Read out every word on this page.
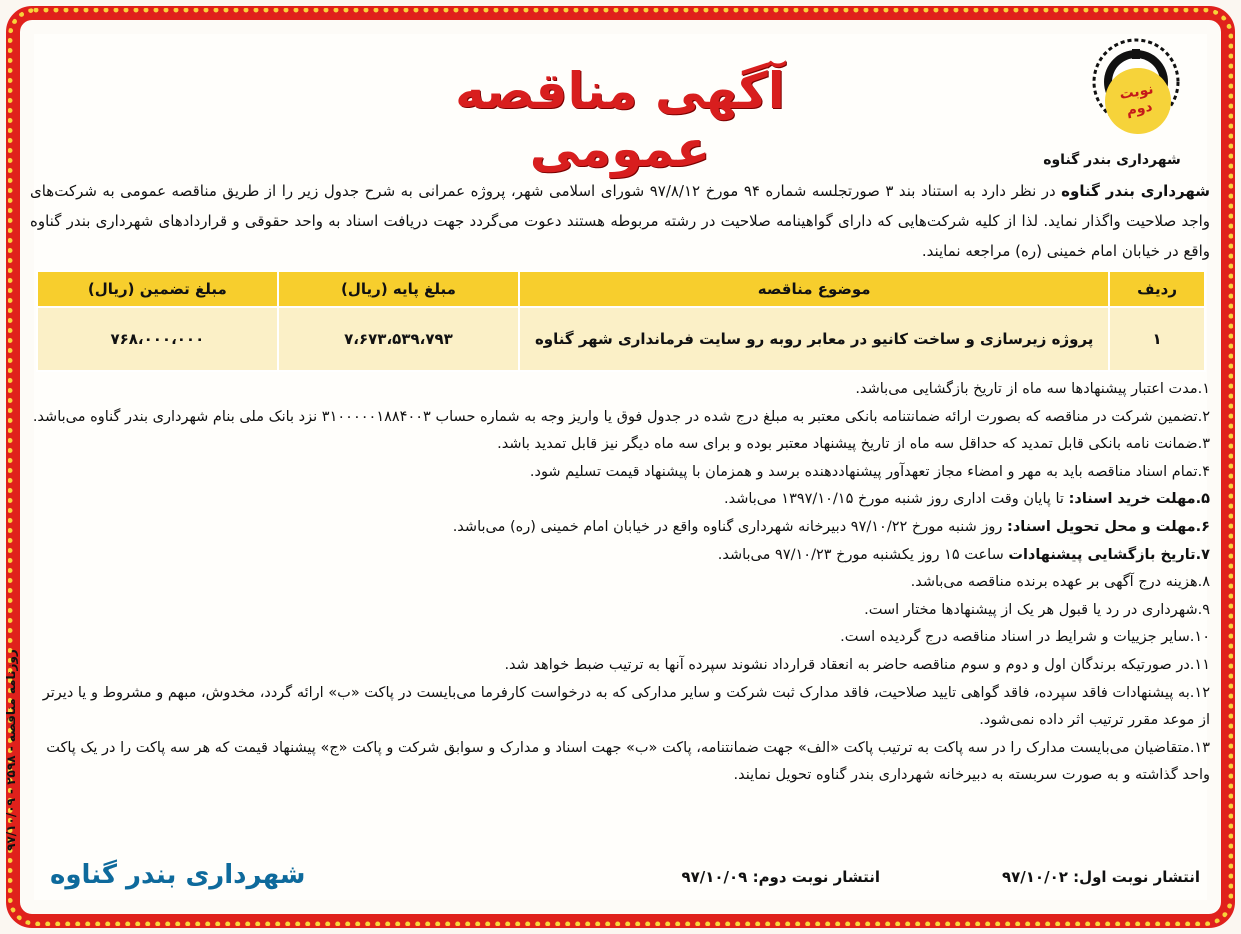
شهرداری بندر گناوه
آگهی مناقصه عمومی
نوبت
دوم
شهرداری بندر گناوه در نظر دارد به استناد بند ۳ صورتجلسه شماره ۹۴ مورخ ۹۷/۸/۱۲ شورای اسلامی شهر، پروژه عمرانی به شرح جدول زیر را از طریق مناقصه عمومی به شرکت‌های واجد صلاحیت واگذار نماید. لذا از کلیه شرکت‌هایی که دارای گواهینامه صلاحیت در رشته مربوطه هستند دعوت می‌گردد جهت دریافت اسناد به واحد حقوقی و قراردادهای شهرداری بندر گناوه واقع در خیابان امام خمینی (ره) مراجعه نمایند.
ردیف	موضوع مناقصه	مبلغ پایه (ریال)	مبلغ تضمین (ریال)
۱	پروژه زیرسازی و ساخت کانیو در معابر روبه رو سایت فرمانداری شهر گناوه	۷،۶۷۳،۵۳۹،۷۹۳	۷۶۸،۰۰۰،۰۰۰

۱.مدت اعتبار پیشنهادها سه ماه از تاریخ بازگشایی می‌باشد.

۲.تضمین شرکت در مناقصه که بصورت ارائه ضمانتنامه بانکی معتبر به مبلغ درج شده در جدول فوق یا واریز وجه به شماره حساب ۳۱۰۰۰۰۰۱۸۸۴۰۰۳ نزد بانک ملی بنام شهرداری بندر گناوه می‌باشد.

۳.ضمانت نامه بانکی قابل تمدید که حداقل سه ماه از تاریخ پیشنهاد معتبر بوده و برای سه ماه دیگر نیز قابل تمدید باشد.

۴.تمام اسناد مناقصه باید به مهر و امضاء مجاز تعهدآور پیشنهاددهنده برسد و همزمان با پیشنهاد قیمت تسلیم شود.

۵.مهلت خرید اسناد: تا پایان وقت اداری روز شنبه مورخ ۱۳۹۷/۱۰/۱۵ می‌باشد.

۶.مهلت و محل تحویل اسناد: روز شنبه مورخ ۹۷/۱۰/۲۲ دبیرخانه شهرداری گناوه واقع در خیابان امام خمینی (ره) می‌باشد.

۷.تاریخ بازگشایی پیشنهادات ساعت ۱۵ روز یکشنبه مورخ ۹۷/۱۰/۲۳ می‌باشد.

۸.هزینه درج آگهی بر عهده برنده مناقصه می‌باشد.

۹.شهرداری در رد یا قبول هر یک از پیشنهادها مختار است.

۱۰.سایر جزییات و شرایط در اسناد مناقصه درج گردیده است.

۱۱.در صورتیکه برندگان اول و دوم و سوم مناقصه حاضر به انعقاد قرارداد نشوند سپرده آنها به ترتیب ضبط خواهد شد.

۱۲.به پیشنهادات فاقد سپرده، فاقد گواهی تایید صلاحیت، فاقد مدارک ثبت شرکت و سایر مدارکی که به درخواست کارفرما می‌بایست در پاکت «ب» ارائه گردد، مخدوش، مبهم و مشروط و یا دیرتر از موعد مقرر ترتیب اثر داده نمی‌شود.

۱۳.متقاضیان می‌بایست مدارک را در سه پاکت به ترتیب پاکت «الف» جهت ضمانتنامه، پاکت «ب» جهت اسناد و مدارک و سوابق شرکت و پاکت «ج» پیشنهاد قیمت که هر سه پاکت را در یک پاکت واحد گذاشته و به صورت سربسته به دبیرخانه شهرداری بندر گناوه تحویل نمایند.

روزنامه مناقصه - ۲۵۹۸ - ۹۷/۱۰/۰۹
انتشار نوبت اول: ۹۷/۱۰/۰۲
انتشار نوبت دوم: ۹۷/۱۰/۰۹
شهرداری بندر گناوه
